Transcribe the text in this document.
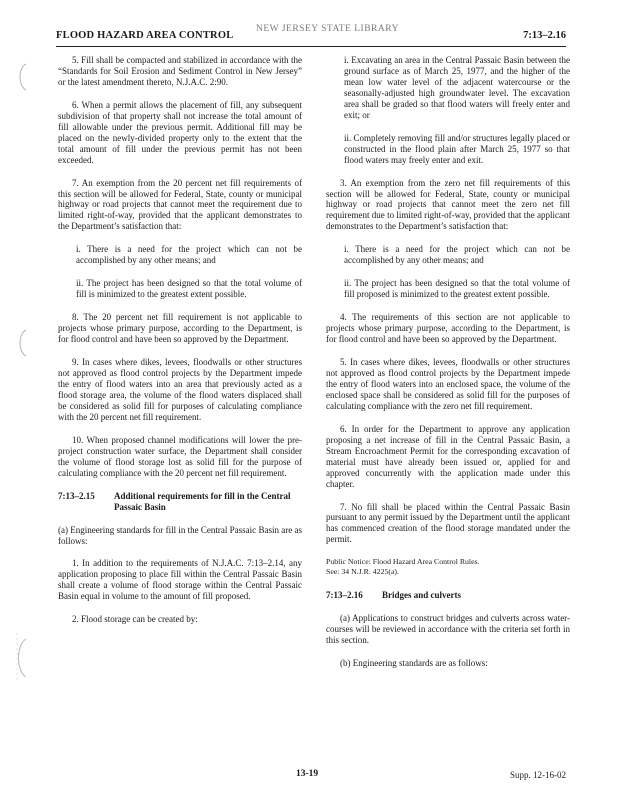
FLOOD HAZARD AREA CONTROL
NEW JERSEY STATE LIBRARY
7:13–2.16

5. Fill shall be compacted and stabilized in accordance with the “Standards for Soil Erosion and Sediment Control in New Jersey” or the latest amendment thereto, N.J.A.C. 2:90.

6. When a permit allows the placement of fill, any subsequent subdivision of that property shall not increase the total amount of fill allowable under the previous permit. Additional fill may be placed on the newly-divided property only to the extent that the total amount of fill under the previous permit has not been exceeded.

7. An exemption from the 20 percent net fill requirements of this section will be allowed for Federal, State, county or municipal highway or road projects that cannot meet the requirement due to limited right-of-way, provided that the applicant demonstrates to the Department’s satisfaction that:

i. There is a need for the project which can not be accomplished by any other means; and

ii. The project has been designed so that the total volume of fill is minimized to the greatest extent possible.

8. The 20 percent net fill requirement is not applicable to projects whose primary purpose, according to the Department, is for flood control and have been so approved by the Department.

9. In cases where dikes, levees, floodwalls or other structures not approved as flood control projects by the Department impede the entry of flood waters into an area that previously acted as a flood storage area, the volume of the flood waters displaced shall be considered as solid fill for purposes of calculating compliance with the 20 percent net fill requirement.

10. When proposed channel modifications will lower the pre-project construction water surface, the Department shall consider the volume of flood storage lost as solid fill for the purpose of calculating compliance with the 20 percent net fill requirement.

7:13–2.15	Additional requirements for fill in the Central Passaic Basin

(a) Engineering standards for fill in the Central Passaic Basin are as follows:

1. In addition to the requirements of N.J.A.C. 7:13–2.14, any application proposing to place fill within the Central Passaic Basin shall create a volume of flood storage within the Central Passaic Basin equal in volume to the amount of fill proposed.

2. Flood storage can be created by:

i. Excavating an area in the Central Passaic Basin between the ground surface as of March 25, 1977, and the higher of the mean low water level of the adjacent watercourse or the seasonally-adjusted high groundwater level. The excavation area shall be graded so that flood waters will freely enter and exit; or

ii. Completely removing fill and/or structures legally placed or constructed in the flood plain after March 25, 1977 so that flood waters may freely enter and exit.

3. An exemption from the zero net fill requirements of this section will be allowed for Federal, State, county or municipal highway or road projects that cannot meet the zero net fill requirement due to limited right-of-way, provided that the applicant demonstrates to the Department’s satisfaction that:

i. There is a need for the project which can not be accomplished by any other means; and

ii. The project has been designed so that the total volume of fill proposed is minimized to the greatest extent possible.

4. The requirements of this section are not applicable to projects whose primary purpose, according to the Department, is for flood control and have been so approved by the Department.

5. In cases where dikes, levees, floodwalls or other structures not approved as flood control projects by the Department impede the entry of flood waters into an enclosed space, the volume of the enclosed space shall be considered as solid fill for the purposes of calculating compliance with the zero net fill requirement.

6. In order for the Department to approve any application proposing a net increase of fill in the Central Passaic Basin, a Stream Encroachment Permit for the corresponding excavation of material must have already been issued or, applied for and approved concurrently with the application made under this chapter.

7. No fill shall be placed within the Central Passaic Basin pursuant to any permit issued by the Department until the applicant has commenced creation of the flood storage mandated under the permit.

Public Notice: Flood Hazard Area Control Rules.
See: 34 N.J.R. 4225(a).

7:13–2.16	Bridges and culverts

(a) Applications to construct bridges and culverts across water-courses will be reviewed in accordance with the criteria set forth in this section.

(b) Engineering standards are as follows:

13-19	Supp. 12-16-02
